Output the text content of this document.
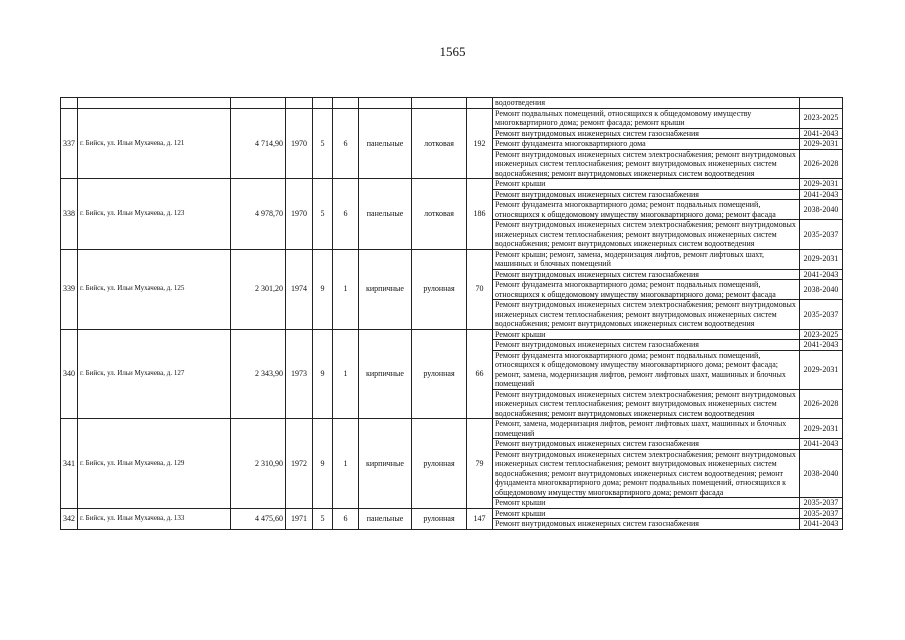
1565
									водоотведения	
337	г. Бийск, ул. Ильи Мухачева, д. 121	4 714,90	1970	5	6	панельные	лотковая	192	Ремонт подвальных помещений, относящихся к общедомовому имуществу многоквартирного дома; ремонт фасада; ремонт крыши	2023-2025
									Ремонт внутридомовых инженерных систем газоснабжения	2041-2043
									Ремонт фундамента многоквартирного дома	2029-2031
									Ремонт внутридомовых инженерных систем электроснабжения; ремонт внутридомовых инженерных систем теплоснабжения; ремонт внутридомовых инженерных систем водоснабжения; ремонт внутридомовых инженерных систем водоотведения	2026-2028
338	г. Бийск, ул. Ильи Мухачева, д. 123	4 978,70	1970	5	6	панельные	лотковая	186	Ремонт крыши	2029-2031
									Ремонт внутридомовых инженерных систем газоснабжения	2041-2043
									Ремонт фундамента многоквартирного дома; ремонт подвальных помещений, относящихся к общедомовому имуществу многоквартирного дома; ремонт фасада	2038-2040
									Ремонт внутридомовых инженерных систем электроснабжения; ремонт внутридомовых инженерных систем теплоснабжения; ремонт внутридомовых инженерных систем водоснабжения; ремонт внутридомовых инженерных систем водоотведения	2035-2037
339	г. Бийск, ул. Ильи Мухачева, д. 125	2 301,20	1974	9	1	кирпичные	рулонная	70	Ремонт крыши; ремонт, замена, модернизация лифтов, ремонт лифтовых шахт, машинных и блочных помещений	2029-2031
									Ремонт внутридомовых инженерных систем газоснабжения	2041-2043
									Ремонт фундамента многоквартирного дома; ремонт подвальных помещений, относящихся к общедомовому имуществу многоквартирного дома; ремонт фасада	2038-2040
									Ремонт внутридомовых инженерных систем электроснабжения; ремонт внутридомовых инженерных систем теплоснабжения; ремонт внутридомовых инженерных систем водоснабжения; ремонт внутридомовых инженерных систем водоотведения	2035-2037
340	г. Бийск, ул. Ильи Мухачева, д. 127	2 343,90	1973	9	1	кирпичные	рулонная	66	Ремонт крыши	2023-2025
									Ремонт внутридомовых инженерных систем газоснабжения	2041-2043
									Ремонт фундамента многоквартирного дома; ремонт подвальных помещений, относящихся к общедомовому имуществу многоквартирного дома; ремонт фасада; ремонт, замена, модернизация лифтов, ремонт лифтовых шахт, машинных и блочных помещений	2029-2031
									Ремонт внутридомовых инженерных систем электроснабжения; ремонт внутридомовых инженерных систем теплоснабжения; ремонт внутридомовых инженерных систем водоснабжения; ремонт внутридомовых инженерных систем водоотведения	2026-2028
341	г. Бийск, ул. Ильи Мухачева, д. 129	2 310,90	1972	9	1	кирпичные	рулонная	79	Ремонт, замена, модернизация лифтов, ремонт лифтовых шахт, машинных и блочных помещений	2029-2031
									Ремонт внутридомовых инженерных систем газоснабжения	2041-2043
									Ремонт внутридомовых инженерных систем электроснабжения; ремонт внутридомовых инженерных систем теплоснабжения; ремонт внутридомовых инженерных систем водоснабжения; ремонт внутридомовых инженерных систем водоотведения; ремонт фундамента многоквартирного дома; ремонт подвальных помещений, относящихся к общедомовому имуществу многоквартирного дома; ремонт фасада	2038-2040
									Ремонт крыши	2035-2037
342	г. Бийск, ул. Ильи Мухачева, д. 133	4 475,60	1971	5	6	панельные	рулонная	147	Ремонт крыши	2035-2037
									Ремонт внутридомовых инженерных систем газоснабжения	2041-2043
